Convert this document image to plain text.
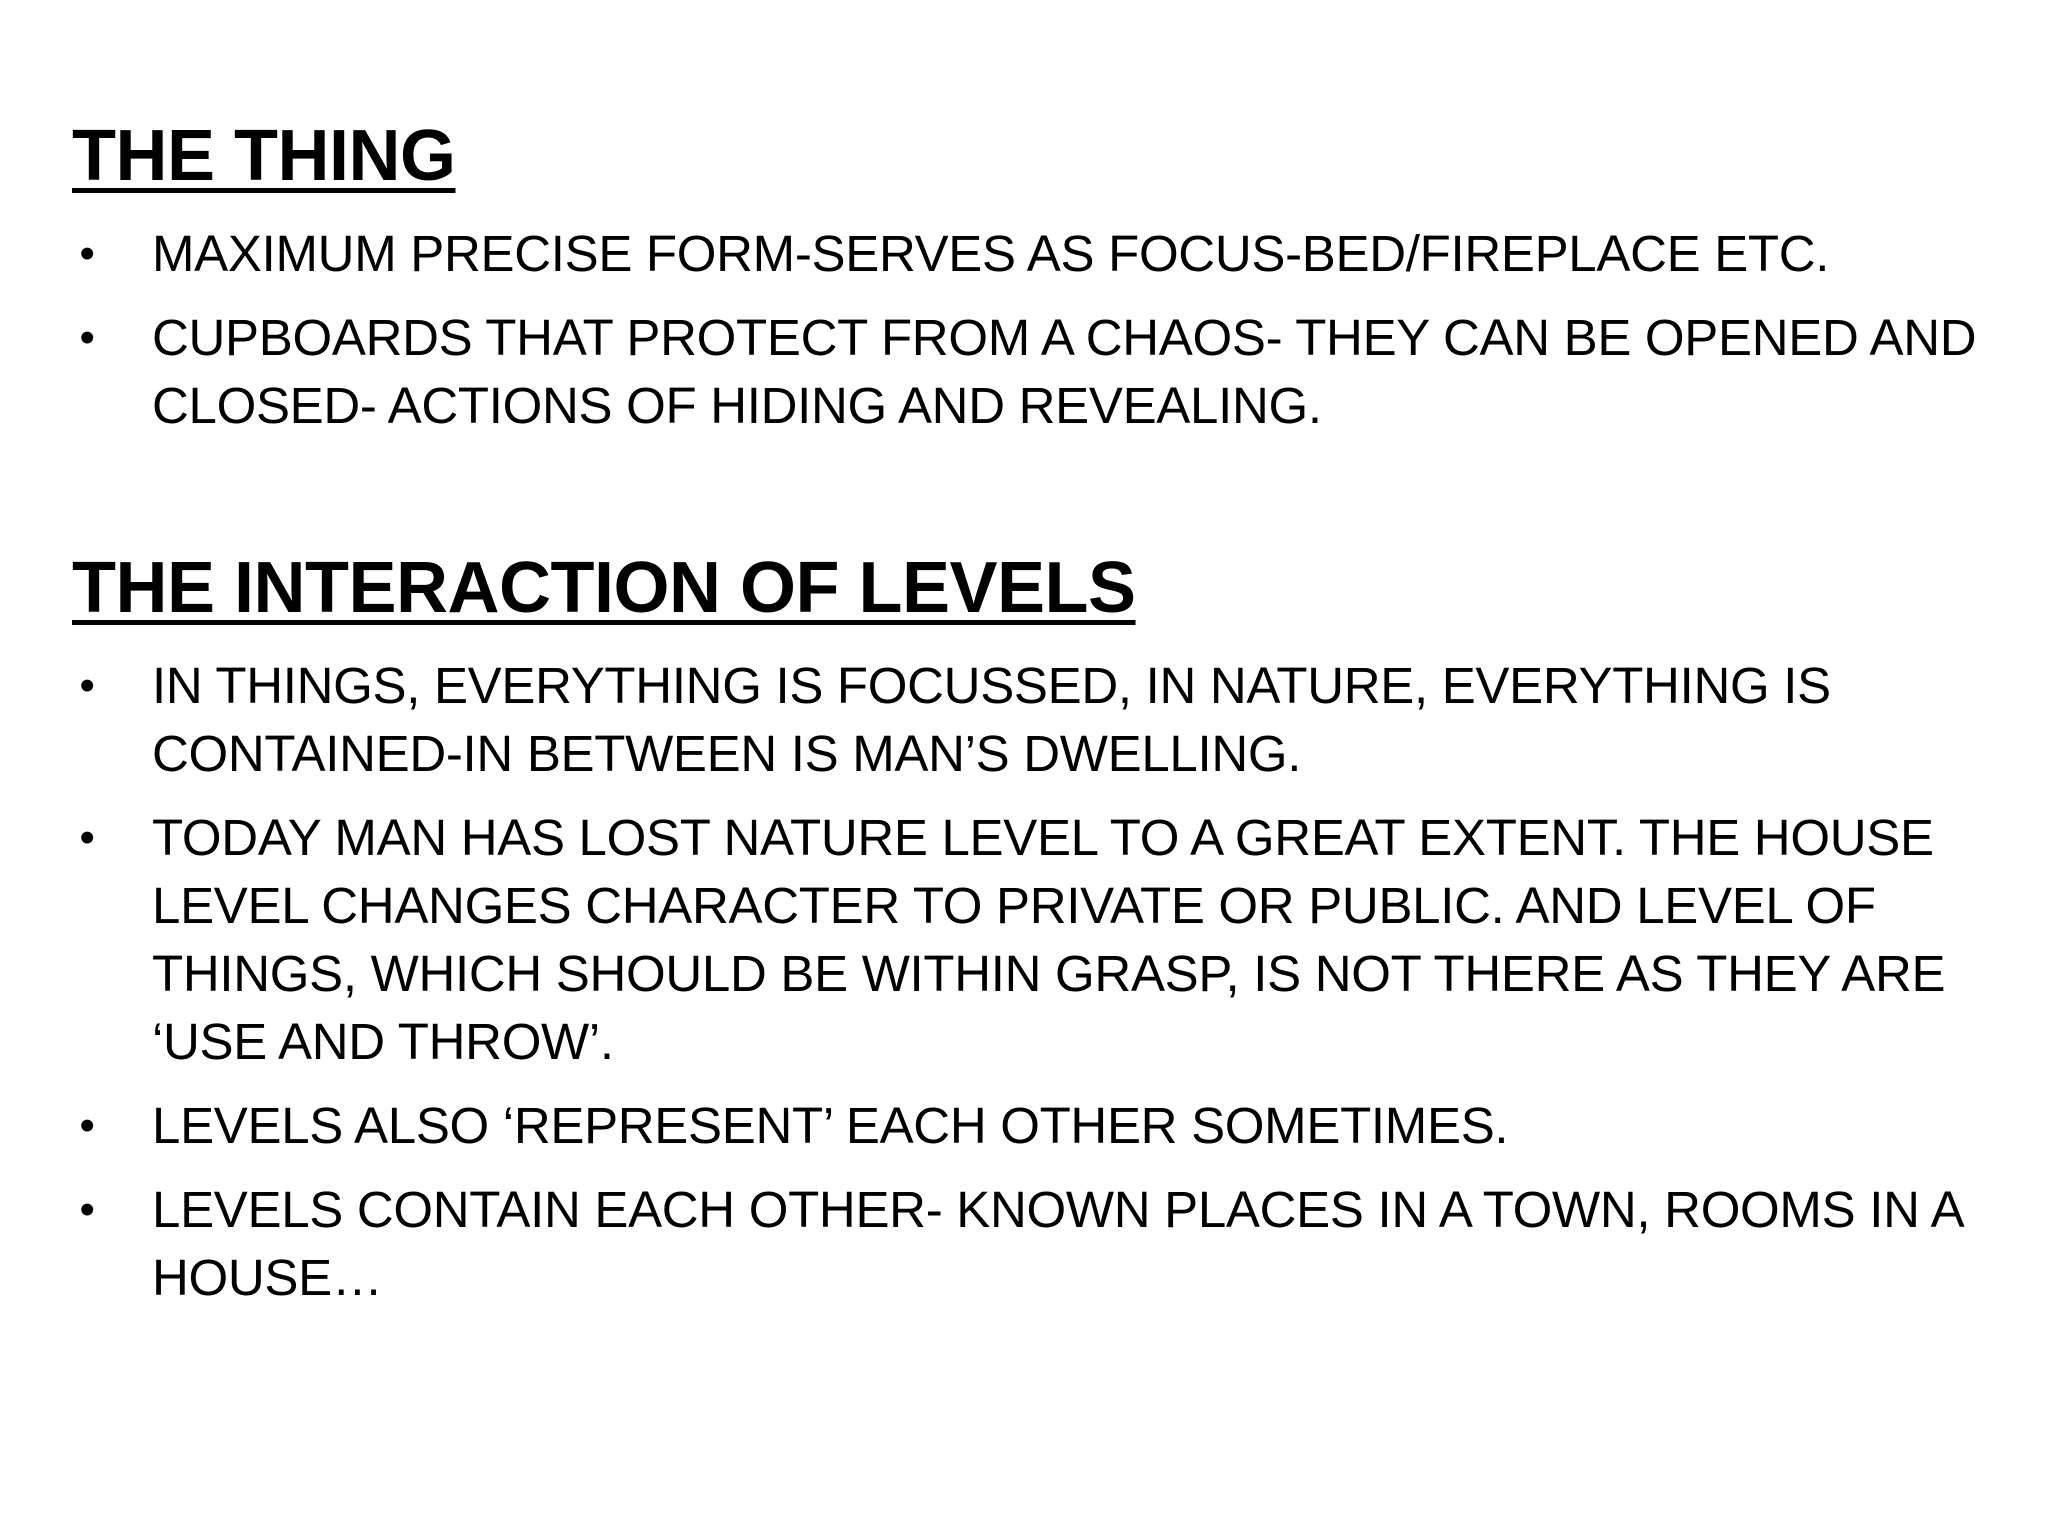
THE THING
• MAXIMUM PRECISE FORM-SERVES AS FOCUS-BED/FIREPLACE ETC.
• CUPBOARDS THAT PROTECT FROM A CHAOS- THEY CAN BE OPENED AND CLOSED- ACTIONS OF HIDING AND REVEALING.
THE INTERACTION OF LEVELS
• IN THINGS, EVERYTHING IS FOCUSSED, IN NATURE, EVERYTHING IS CONTAINED-IN BETWEEN IS MAN’S DWELLING.
• TODAY MAN HAS LOST NATURE LEVEL TO A GREAT EXTENT. THE HOUSE LEVEL CHANGES CHARACTER TO PRIVATE OR PUBLIC. AND LEVEL OF THINGS, WHICH SHOULD BE WITHIN GRASP, IS NOT THERE AS THEY ARE ‘USE AND THROW’.
• LEVELS ALSO ‘REPRESENT’ EACH OTHER SOMETIMES.
• LEVELS CONTAIN EACH OTHER- KNOWN PLACES IN A TOWN, ROOMS IN A HOUSE…
